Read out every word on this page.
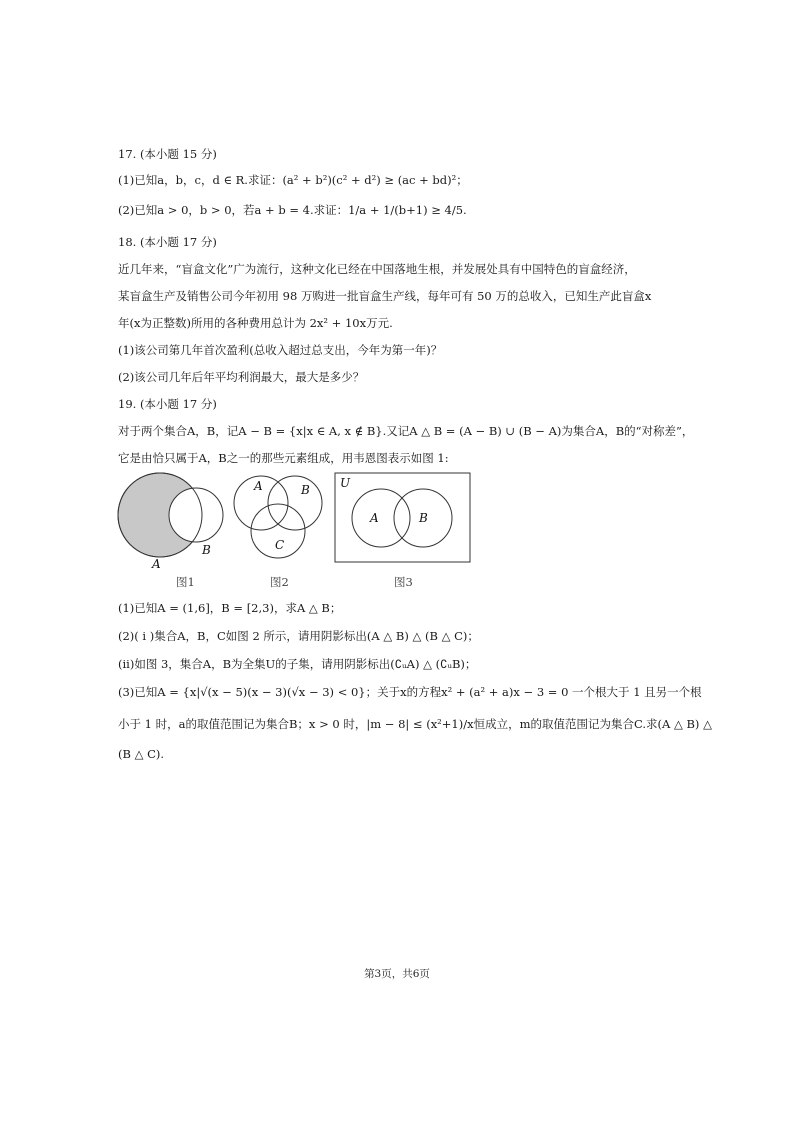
17. (本小题 15 分)
(1)已知a，b，c，d ∈ R.求证：(a² + b²)(c² + d²) ≥ (ac + bd)²；
(2)已知a > 0，b > 0，若a + b = 4.求证：1/a + 1/(b+1) ≥ 4/5.
18. (本小题 17 分)
近几年来，“盲盒文化”广为流行，这种文化已经在中国落地生根，并发展处具有中国特色的盲盒经济，
某盲盒生产及销售公司今年初用 98 万购进一批盲盒生产线，每年可有 50 万的总收入，已知生产此盲盒x
年(x为正整数)所用的各种费用总计为 2x² + 10x万元.
(1)该公司第几年首次盈利(总收入超过总支出，今年为第一年)？
(2)该公司几年后年平均利润最大，最大是多少？
19. (本小题 17 分)
对于两个集合A，B，记A − B = {x|x ∈ A, x ∉ B}.又记A △ B = (A − B) ∪ (B − A)为集合A，B的“对称差”，
它是由恰只属于A，B之一的那些元素组成，用韦恩图表示如图 1:
A
B
图1
A	B
C
图2
U
A	B
图3
(1)已知A = (1,6]，B = [2,3)，求A △ B；
(2)( i )集合A，B，C如图 2 所示，请用阴影标出(A △ B) △ (B △ C)；
(ii)如图 3，集合A，B为全集U的子集，请用阴影标出(∁ᵤA) △ (∁ᵤB)；
(3)已知A = {x|√(x − 5)(x − 3)(√x − 3) < 0}；关于x的方程x² + (a² + a)x − 3 = 0 一个根大于 1 且另一个根
小于 1 时，a的取值范围记为集合B；x > 0 时，|m − 8| ≤ (x²+1)/x恒成立，m的取值范围记为集合C.求(A △ B) △
(B △ C).
第3页，共6页
